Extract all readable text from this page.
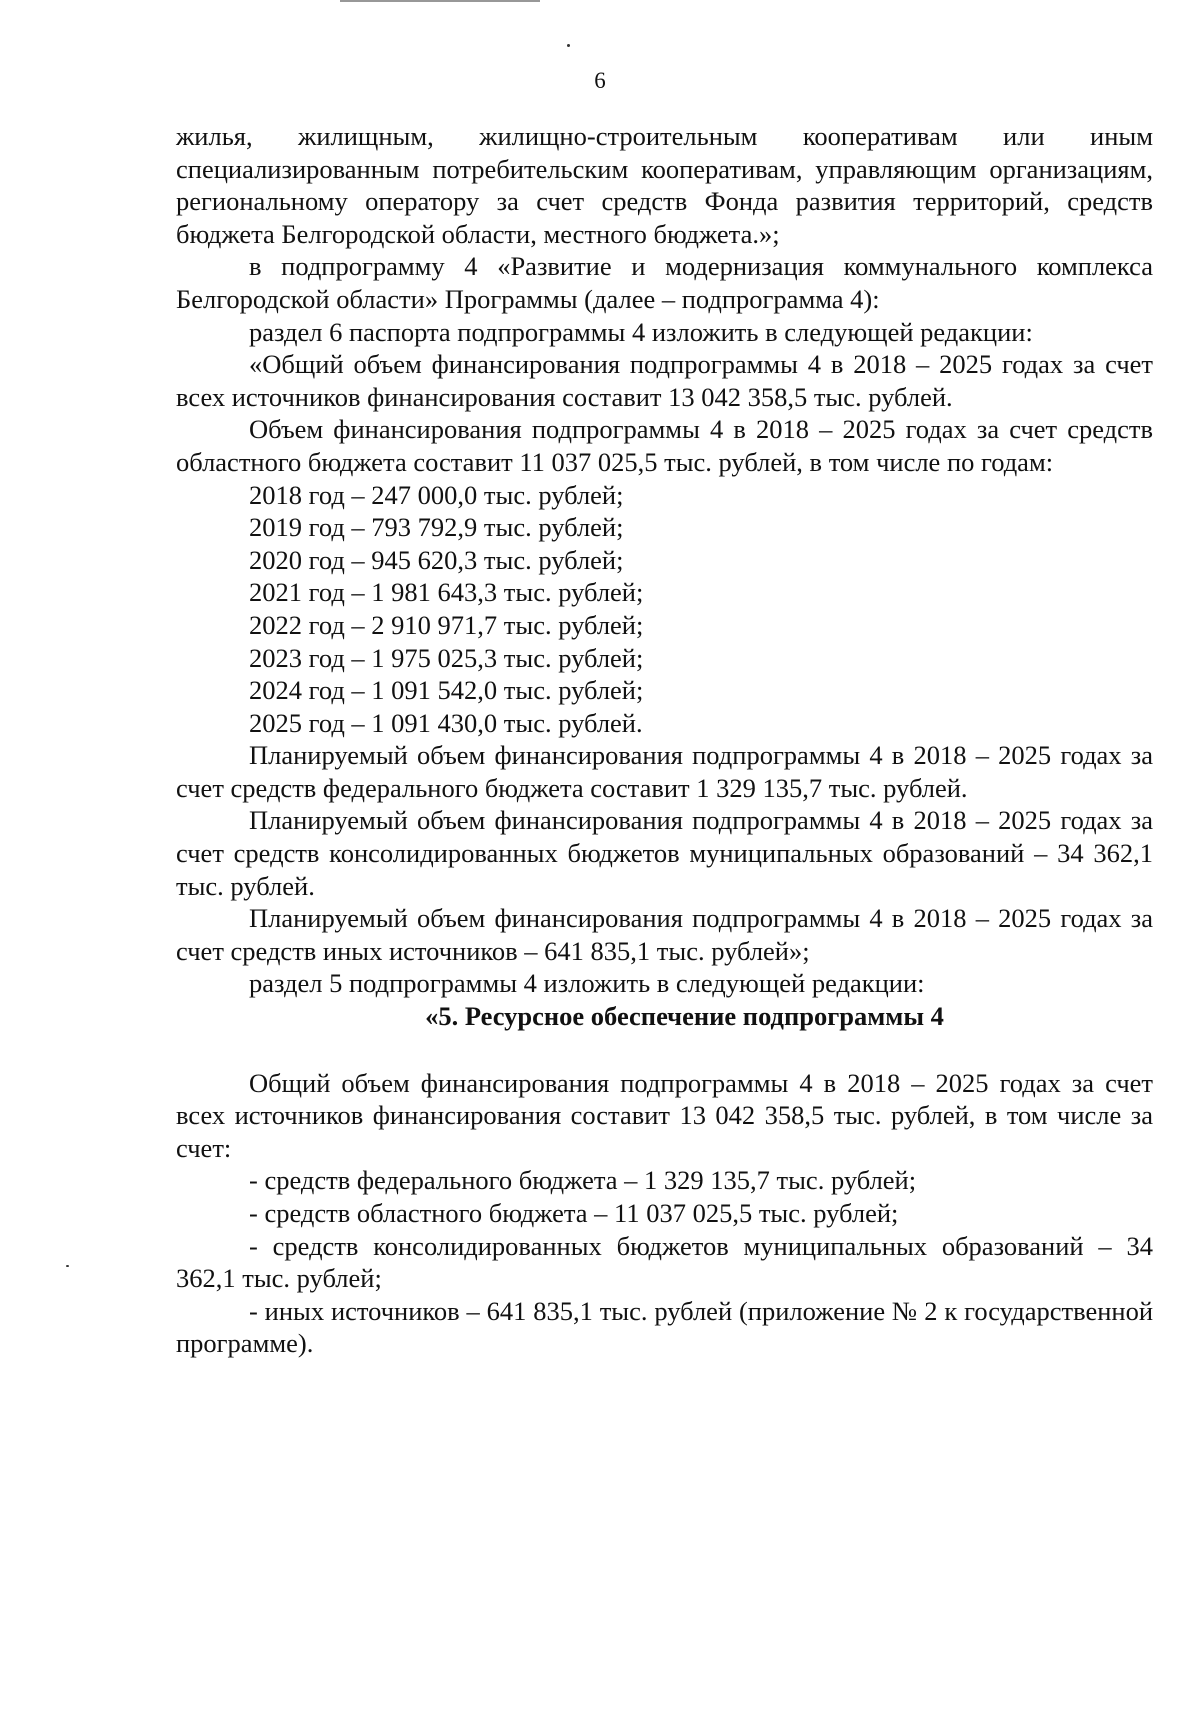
6

жилья, жилищным, жилищно-строительным кооперативам или иным специализированным потребительским кооперативам, управляющим организациям, региональному оператору за счет средств Фонда развития территорий, средств бюджета Белгородской области, местного бюджета.»;

в подпрограмму 4 «Развитие и модернизация коммунального комплекса Белгородской области» Программы (далее – подпрограмма 4):

раздел 6 паспорта подпрограммы 4 изложить в следующей редакции:

«Общий объем финансирования подпрограммы 4 в 2018 – 2025 годах за счет всех источников финансирования составит 13 042 358,5 тыс. рублей.

Объем финансирования подпрограммы 4 в 2018 – 2025 годах за счет средств областного бюджета составит 11 037 025,5 тыс. рублей, в том числе по годам:

2018 год – 247 000,0 тыс. рублей;
2019 год – 793 792,9 тыс. рублей;
2020 год – 945 620,3 тыс. рублей;
2021 год – 1 981 643,3 тыс. рублей;
2022 год – 2 910 971,7 тыс. рублей;
2023 год – 1 975 025,3 тыс. рублей;
2024 год – 1 091 542,0 тыс. рублей;
2025 год – 1 091 430,0 тыс. рублей.

Планируемый объем финансирования подпрограммы 4 в 2018 – 2025 годах за счет средств федерального бюджета составит 1 329 135,7 тыс. рублей.

Планируемый объем финансирования подпрограммы 4 в 2018 – 2025 годах за счет средств консолидированных бюджетов муниципальных образований – 34 362,1 тыс. рублей.

Планируемый объем финансирования подпрограммы 4 в 2018 – 2025 годах за счет средств иных источников – 641 835,1 тыс. рублей»;

раздел 5 подпрограммы 4 изложить в следующей редакции:

«5. Ресурсное обеспечение подпрограммы 4

Общий объем финансирования подпрограммы 4 в 2018 – 2025 годах за счет всех источников финансирования составит 13 042 358,5 тыс. рублей, в том числе за счет:

- средств федерального бюджета – 1 329 135,7 тыс. рублей;
- средств областного бюджета – 11 037 025,5 тыс. рублей;
- средств консолидированных бюджетов муниципальных образований – 34 362,1 тыс. рублей;
- иных источников – 641 835,1 тыс. рублей (приложение № 2 к государственной программе).
